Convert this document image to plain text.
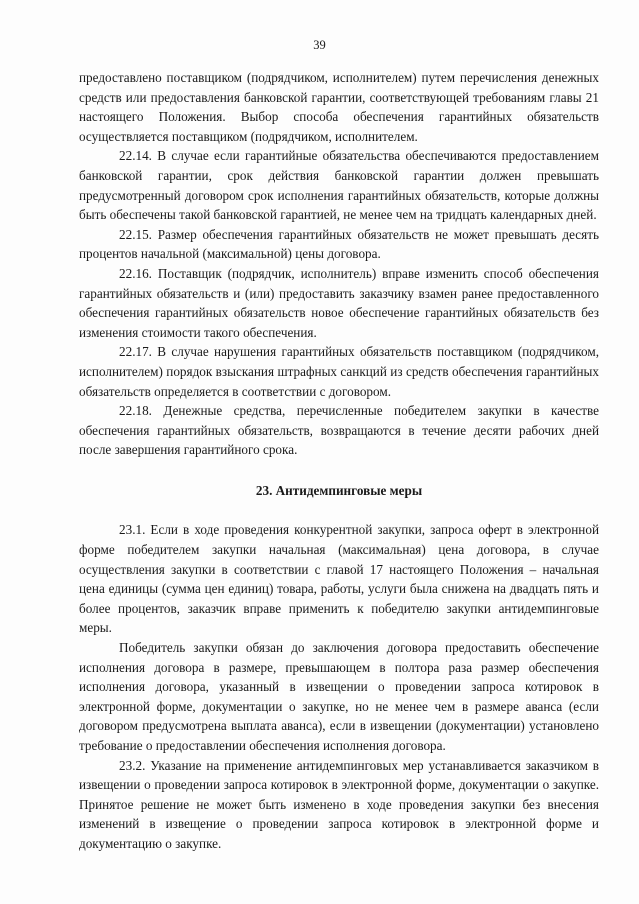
39

предоставлено поставщиком (подрядчиком, исполнителем) путем перечисления денежных средств или предоставления банковской гарантии, соответствующей требованиям главы 21 настоящего Положения. Выбор способа обеспечения гарантийных обязательств осуществляется поставщиком (подрядчиком, исполнителем.

22.14. В случае если гарантийные обязательства обеспечиваются предоставлением банковской гарантии, срок действия банковской гарантии должен превышать предусмотренный договором срок исполнения гарантийных обязательств, которые должны быть обеспечены такой банковской гарантией, не менее чем на тридцать календарных дней.

22.15. Размер обеспечения гарантийных обязательств не может превышать десять процентов начальной (максимальной) цены договора.

22.16. Поставщик (подрядчик, исполнитель) вправе изменить способ обеспечения гарантийных обязательств и (или) предоставить заказчику взамен ранее предоставленного обеспечения гарантийных обязательств новое обеспечение гарантийных обязательств без изменения стоимости такого обеспечения.

22.17. В случае нарушения гарантийных обязательств поставщиком (подрядчиком, исполнителем) порядок взыскания штрафных санкций из средств обеспечения гарантийных обязательств определяется в соответствии с договором.

22.18. Денежные средства, перечисленные победителем закупки в качестве обеспечения гарантийных обязательств, возвращаются в течение десяти рабочих дней после завершения гарантийного срока.

23. Антидемпинговые меры

23.1. Если в ходе проведения конкурентной закупки, запроса оферт в электронной форме победителем закупки начальная (максимальная) цена договора, в случае осуществления закупки в соответствии с главой 17 настоящего Положения – начальная цена единицы (сумма цен единиц) товара, работы, услуги была снижена на двадцать пять и более процентов, заказчик вправе применить к победителю закупки антидемпинговые меры.

Победитель закупки обязан до заключения договора предоставить обеспечение исполнения договора в размере, превышающем в полтора раза размер обеспечения исполнения договора, указанный в извещении о проведении запроса котировок в электронной форме, документации о закупке, но не менее чем в размере аванса (если договором предусмотрена выплата аванса), если в извещении (документации) установлено требование о предоставлении обеспечения исполнения договора.

23.2. Указание на применение антидемпинговых мер устанавливается заказчиком в извещении о проведении запроса котировок в электронной форме, документации о закупке. Принятое решение не может быть изменено в ходе проведения закупки без внесения изменений в извещение о проведении запроса котировок в электронной форме и документацию о закупке.
